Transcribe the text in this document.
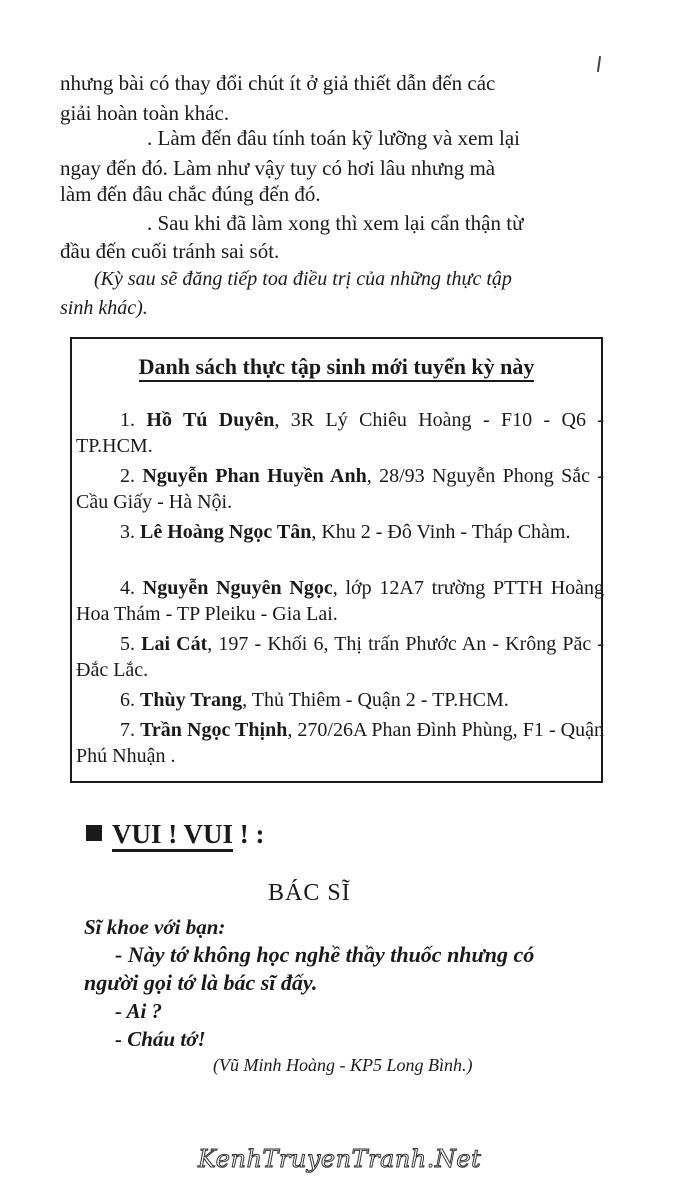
nhưng bài có thay đổi chút ít ở giả thiết dẫn đến các
giải hoàn toàn khác.
. Làm đến đâu tính toán kỹ lưỡng và xem lại
ngay đến đó. Làm như vậy tuy có hơi lâu nhưng mà
làm đến đâu chắc đúng đến đó.
. Sau khi đã làm xong thì xem lại cẩn thận từ
đầu đến cuối tránh sai sót.
(Kỳ sau sẽ đăng tiếp toa điều trị của những thực tập
sinh khác).
Danh sách thực tập sinh mới tuyển kỳ này
1. Hồ Tú Duyên, 3R Lý Chiêu Hoàng - F10 - Q6 - TP.HCM.
2. Nguyễn Phan Huyền Anh, 28/93 Nguyễn Phong Sắc - Cầu Giấy - Hà Nội.
3. Lê Hoàng Ngọc Tân, Khu 2 - Đô Vinh - Tháp Chàm.
4. Nguyễn Nguyên Ngọc, lớp 12A7 trường PTTH Hoàng Hoa Thám - TP Pleiku - Gia Lai.
5. Lai Cát, 197 - Khối 6, Thị trấn Phước An - Krông Păc - Đắc Lắc.
6. Thùy Trang, Thủ Thiêm - Quận 2 - TP.HCM.
7. Trần Ngọc Thịnh, 270/26A Phan Đình Phùng, F1 - Quận Phú Nhuận .
VUI ! VUI ! :
BÁC SĨ
Sĩ khoe với bạn:
- Này tớ không học nghề thầy thuốc nhưng có
người gọi tớ là bác sĩ đấy.
- Ai ?
- Cháu tớ!
(Vũ Minh Hoàng - KP5 Long Bình.)
KenhTruyenTranh.Net
